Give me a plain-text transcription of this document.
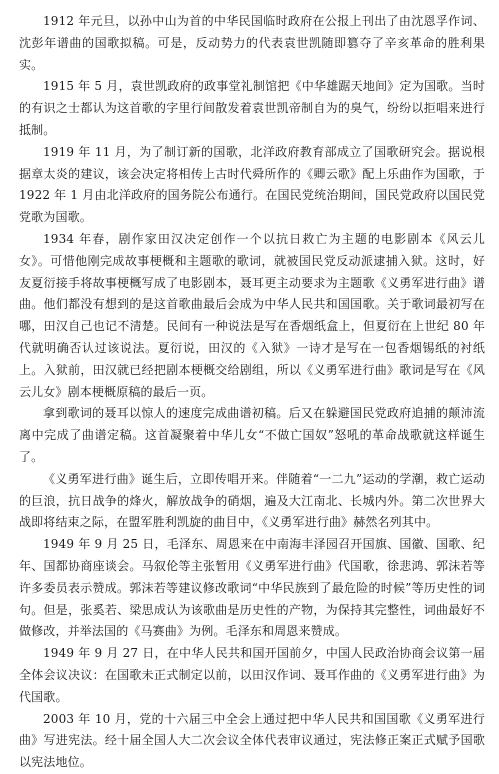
1912 年元旦，以孙中山为首的中华民国临时政府在公报上刊出了由沈恩孚作词、沈彭年谱曲的国歌拟稿。可是，反动势力的代表袁世凯随即篡夺了辛亥革命的胜利果实。

1915 年 5 月，袁世凯政府的政事堂礼制馆把《中华雄踞天地间》定为国歌。当时的有识之士都认为这首歌的字里行间散发着袁世凯帝制自为的臭气，纷纷以拒唱来进行抵制。

1919 年 11 月，为了制订新的国歌，北洋政府教育部成立了国歌研究会。据说根据章太炎的建议，该会决定将相传上古时代舜所作的《卿云歌》配上乐曲作为国歌，于 1922 年 1 月由北洋政府的国务院公布通行。在国民党统治期间，国民党政府以国民党党歌为国歌。

1934 年春，剧作家田汉决定创作一个以抗日救亡为主题的电影剧本《风云儿女》。可惜他刚完成故事梗概和主题歌的歌词，就被国民党反动派逮捕入狱。这时，好友夏衍接手将故事梗概写成了电影剧本，聂耳更主动要求为主题歌《义勇军进行曲》谱曲。他们都没有想到的是这首歌曲最后会成为中华人民共和国国歌。关于歌词最初写在哪，田汉自己也记不清楚。民间有一种说法是写在香烟纸盒上，但夏衍在上世纪 80 年代就明确否认过该说法。夏衍说，田汉的《入狱》一诗才是写在一包香烟锡纸的衬纸上。入狱前，田汉就已经把剧本梗概交给剧组，所以《义勇军进行曲》歌词是写在《风云儿女》剧本梗概原稿的最后一页。

拿到歌词的聂耳以惊人的速度完成曲谱初稿。后又在躲避国民党政府追捕的颠沛流离中完成了曲谱定稿。这首凝聚着中华儿女“不做亡国奴”怒吼的革命战歌就这样诞生了。

《义勇军进行曲》诞生后，立即传唱开来。伴随着“一二九”运动的学潮，救亡运动的巨浪，抗日战争的烽火，解放战争的硝烟，遍及大江南北、长城内外。第二次世界大战即将结束之际，在盟军胜利凯旋的曲目中，《义勇军进行曲》赫然名列其中。

1949 年 9 月 25 日，毛泽东、周恩来在中南海丰泽园召开国旗、国徽、国歌、纪年、国都协商座谈会。马叙伦等主张暂用《义勇军进行曲》代国歌，徐悲鸿、郭沫若等许多委员表示赞成。郭沫若等建议修改歌词“中华民族到了最危险的时候”等历史性的词句。但是，张奚若、梁思成认为该歌曲是历史性的产物，为保持其完整性，词曲最好不做修改，并举法国的《马赛曲》为例。毛泽东和周恩来赞成。

1949 年 9 月 27 日，在中华人民共和国开国前夕，中国人民政治协商会议第一届全体会议决议：在国歌未正式制定以前，以田汉作词、聂耳作曲的《义勇军进行曲》为代国歌。

2003 年 10 月，党的十六届三中全会上通过把中华人民共和国国歌《义勇军进行曲》写进宪法。经十届全国人大二次会议全体代表审议通过，宪法修正案正式赋予国歌以宪法地位。
